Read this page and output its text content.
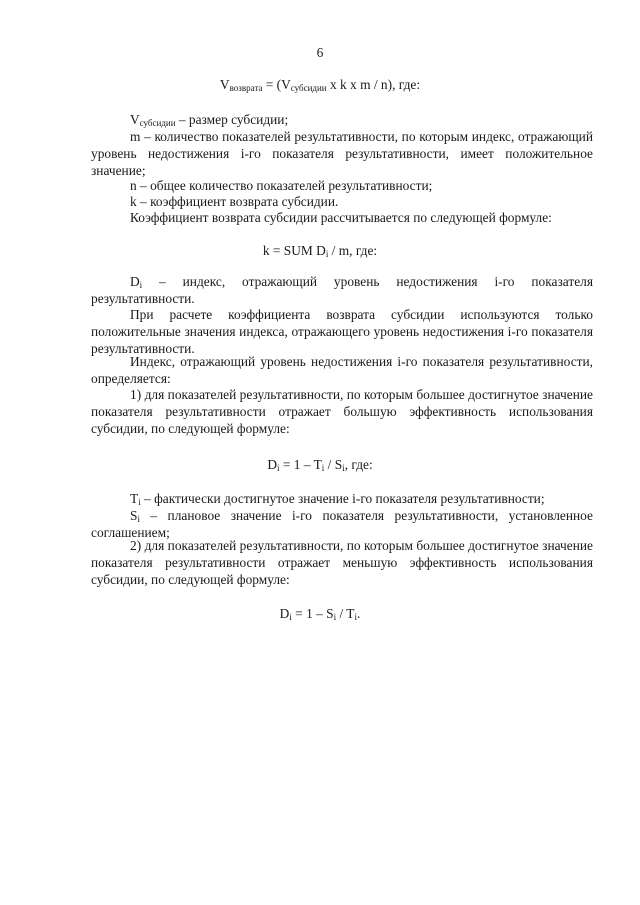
6
$V_{возврата} = (V_{субсидии}$ x k x m / n), где:
$V_{субсидии}$ – размер субсидии;
m – количество показателей результативности, по которым индекс, отражающий уровень недостижения i-го показателя результативности, имеет положительное значение;
n – общее количество показателей результативности;
k – коэффициент возврата субсидии.
Коэффициент возврата субсидии рассчитывается по следующей формуле:
k = SUM $D_i$ / m, где:
$D_i$ – индекс, отражающий уровень недостижения i-го показателя результативности.
При расчете коэффициента возврата субсидии используются только положительные значения индекса, отражающего уровень недостижения i-го показателя результативности.
Индекс, отражающий уровень недостижения i-го показателя результативности, определяется:
1) для показателей результативности, по которым большее достигнутое значение показателя результативности отражает большую эффективность использования субсидии, по следующей формуле:
$D_i = 1 - T_i / S_i$, где:
$T_i$ – фактически достигнутое значение i-го показателя результативности;
$S_i$ – плановое значение i-го показателя результативности, установленное соглашением;
2) для показателей результативности, по которым большее достигнутое значение показателя результативности отражает меньшую эффективность использования субсидии, по следующей формуле:
$D_i = 1 - S_i / T_i$.
